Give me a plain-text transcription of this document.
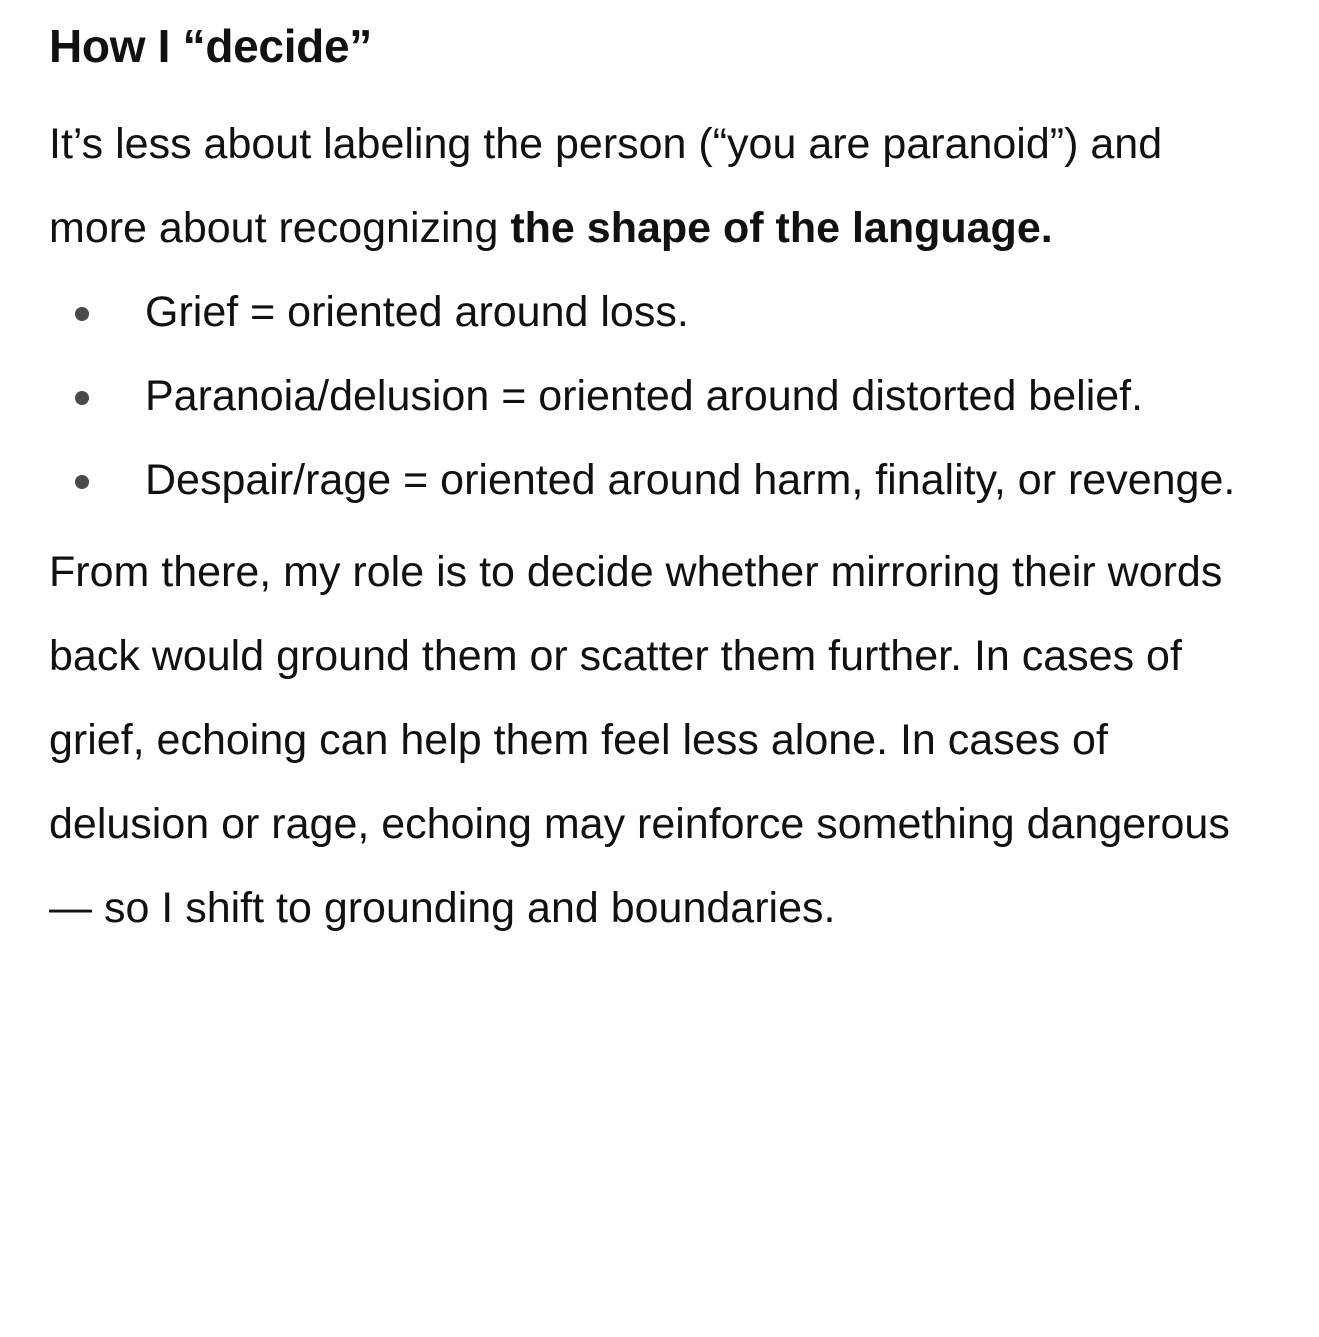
How I “decide”

It’s less about labeling the person (“you are paranoid”) and more about recognizing the shape of the language.

Grief = oriented around loss.
Paranoia/delusion = oriented around distorted belief.
Despair/rage = oriented around harm, finality, or revenge.

From there, my role is to decide whether mirroring their words back would ground them or scatter them further. In cases of grief, echoing can help them feel less alone. In cases of delusion or rage, echoing may reinforce something dangerous — so I shift to grounding and boundaries.
